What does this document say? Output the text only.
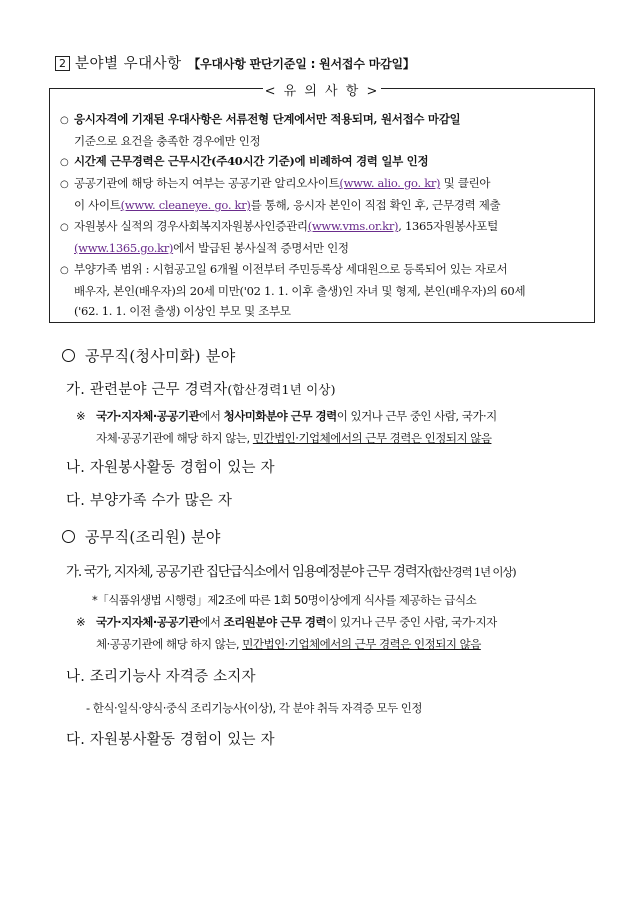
2 분야별 우대사항 【우대사항 판단기준일 : 원서접수 마감일】
< 유 의 사 항 >
○ 응시자격에 기재된 우대사항은 서류전형 단계에서만 적용되며, 원서접수 마감일
기준으로 요건을 충족한 경우에만 인정
○ 시간제 근무경력은 근무시간(주40시간 기준)에 비례하여 경력 일부 인정
○ 공공기관에 해당 하는지 여부는 공공기관 알리오사이트(www. alio. go. kr) 및 클린아
이 사이트(www. cleaneye. go. kr)를 통해, 응시자 본인이 직접 확인 후, 근무경력 제출
○ 자원봉사 실적의 경우사회복지자원봉사인증관리(www.vms.or.kr), 1365자원봉사포털
(www.1365.go.kr)에서 발급된 봉사실적 증명서만 인정
○ 부양가족 범위 : 시험공고일 6개월 이전부터 주민등록상 세대원으로 등록되어 있는 자로서
배우자, 본인(배우자)의 20세 미만('02 1. 1. 이후 출생)인 자녀 및 형제, 본인(배우자)의 60세
('62. 1. 1. 이전 출생) 이상인 부모 및 조부모
공무직(청사미화) 분야
가. 관련분야 근무 경력자(합산경력1년 이상)
※ 국가·지자체·공공기관에서 청사미화분야 근무 경력이 있거나 근무 중인 사람, 국가·지
자체·공공기관에 해당 하지 않는, 민간법인·기업체에서의 근무 경력은 인정되지 않음
나. 자원봉사활동 경험이 있는 자
다. 부양가족 수가 많은 자
공무직(조리원) 분야
가. 국가, 지자체, 공공기관 집단급식소에서 임용예정분야 근무 경력자(합산경력 1년 이상)
*「식품위생법 시행령」제2조에 따른 1회 50명이상에게 식사를 제공하는 급식소
※ 국가·지자체·공공기관에서 조리원분야 근무 경력이 있거나 근무 중인 사람, 국가·지자
체·공공기관에 해당 하지 않는, 민간법인·기업체에서의 근무 경력은 인정되지 않음
나. 조리기능사 자격증 소지자
- 한식·일식·양식·중식 조리기능사(이상), 각 분야 취득 자격증 모두 인정
다. 자원봉사활동 경험이 있는 자
